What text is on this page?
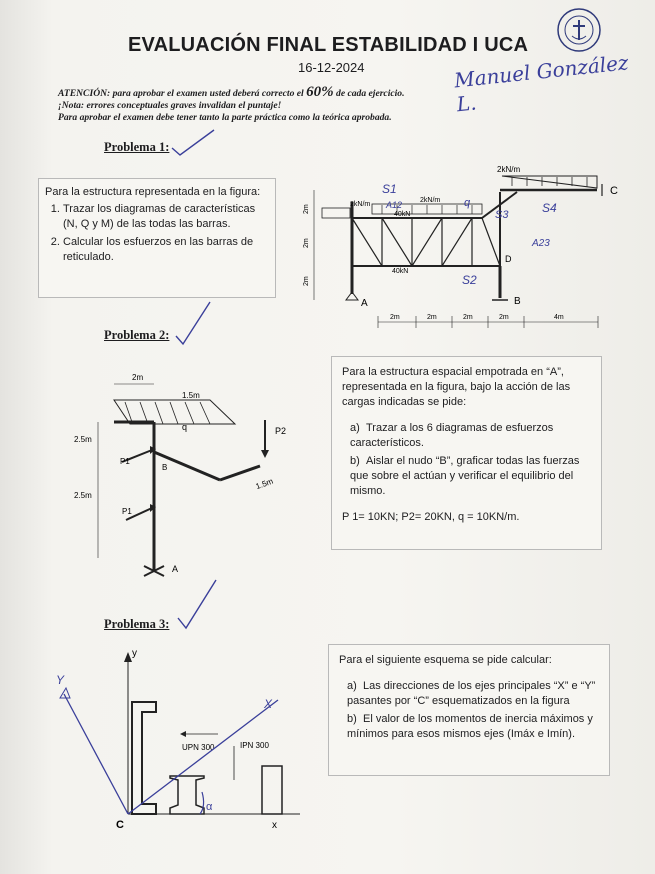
EVALUACIÓN FINAL ESTABILIDAD I UCA
16-12-2024	Manuel González L.
ATENCIÓN: para aprobar el examen usted deberá correcto el 60% de cada ejercicio.
¡Nota: errores conceptuales graves invalidan el puntaje!
Para aprobar el examen debe tener tanto la parte práctica como la teórica aprobada.
Problema 1:
Para la estructura representada en la figura:
1. Trazar los diagramas de características (N, Q y M) de las todas las barras.
2. Calcular los esfuerzos en las barras de reticulado.
2kN/m
C
A	B
D
2kN/m
2kN/m
40kN
40kN
2m
2m
2m
2m	2m	2m	2m	4m
S1
A12
S3	S4
S2
A23
q
Problema 2:
A
q	P2
P1
P1
B
2m
1.5m
1.5m
2.5m
2.5m
Para la estructura espacial empotrada en “A”, representada en la figura, bajo la acción de las cargas indicadas se pide:
a) Trazar a los 6 diagramas de esfuerzos característicos.
b) Aislar el nudo “B”, graficar todas las fuerzas que sobre el actúan y verificar el equilibrio del mismo.
P 1= 10KN; P2= 20KN, q = 10KN/m.
Problema 3:
y
x
C
UPN 300	IPN 300
Y
X
α
Para el siguiente esquema se pide calcular:
a) Las direcciones de los ejes principales “X” e “Y” pasantes por “C” esquematizados en la figura
b) El valor de los momentos de inercia máximos y mínimos para esos mismos ejes (Imáx e Imín).
